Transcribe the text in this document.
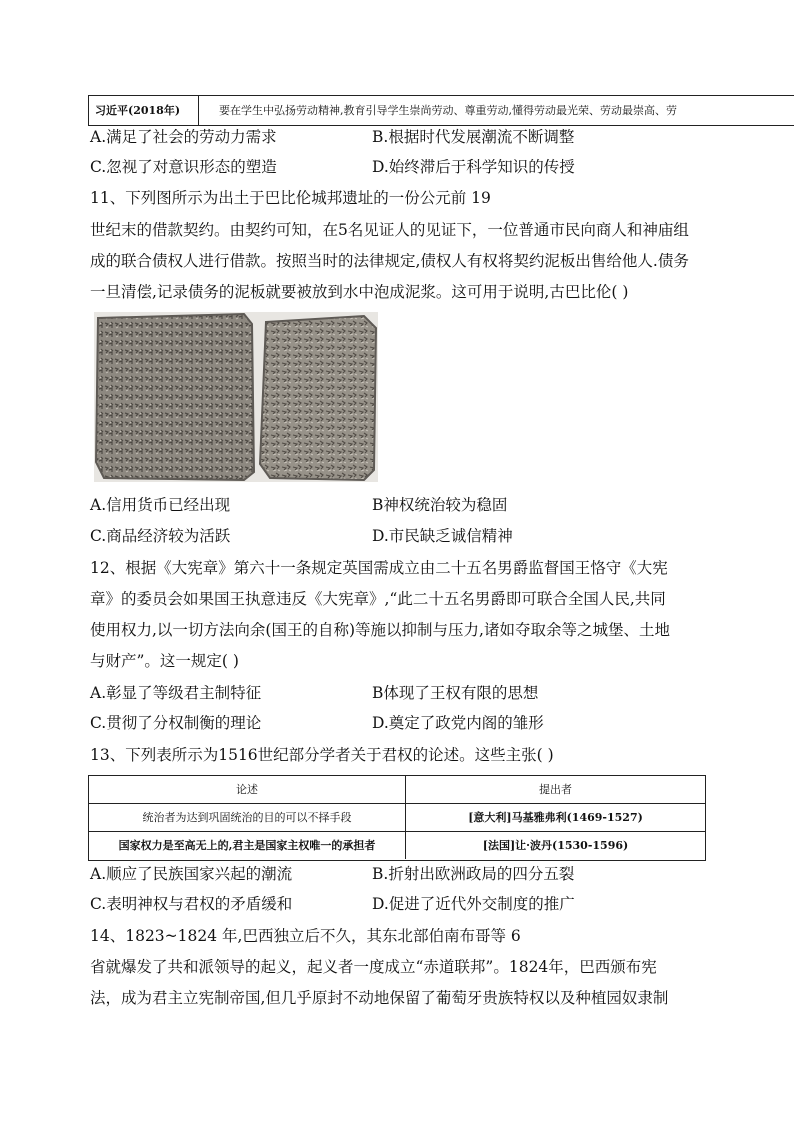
习近平(2018年)	要在学生中弘扬劳动精神,教育引导学生崇尚劳动、尊重劳动,懂得劳动最光荣、劳动最崇高、劳
A.满足了社会的劳动力需求	B.根据时代发展潮流不断调整
C.忽视了对意识形态的塑造	D.始终滞后于科学知识的传授
11、下列图所示为出土于巴比伦城邦遗址的一份公元前 19
世纪末的借款契约。由契约可知，在5名见证人的见证下，一位普通市民向商人和神庙组
成的联合债权人进行借款。按照当时的法律规定,债权人有权将契约泥板出售给他人.债务
一旦清偿,记录债务的泥板就要被放到水中泡成泥浆。这可用于说明,古巴比伦( )
A.信用货币已经出现	B神权统治较为稳固
C.商品经济较为活跃	D.市民缺乏诚信精神
12、根据《大宪章》第六十一条规定英国需成立由二十五名男爵监督国王恪守《大宪
章》的委员会如果国王执意违反《大宪章》,“此二十五名男爵即可联合全国人民,共同
使用权力,以一切方法向余(国王的自称)等施以抑制与压力,诸如夺取余等之城堡、土地
与财产”。这一规定( )
A.彰显了等级君主制特征	B体现了王权有限的思想
C.贯彻了分权制衡的理论	D.奠定了政党内阁的雏形
13、下列表所示为1516世纪部分学者关于君权的论述。这些主张( )
论述	提出者
统治者为达到巩固统治的目的可以不择手段	[意大利]马基雅弗利(1469-1527)
国家权力是至高无上的,君主是国家主权唯一的承担者	[法国]让·波丹(1530-1596)
A.顺应了民族国家兴起的潮流	B.折射出欧洲政局的四分五裂
C.表明神权与君权的矛盾缓和	D.促进了近代外交制度的推广
14、1823~1824 年,巴西独立后不久，其东北部伯南布哥等 6
省就爆发了共和派领导的起义，起义者一度成立“赤道联邦”。1824年，巴西颁布宪
法，成为君主立宪制帝国,但几乎原封不动地保留了葡萄牙贵族特权以及种植园奴隶制
